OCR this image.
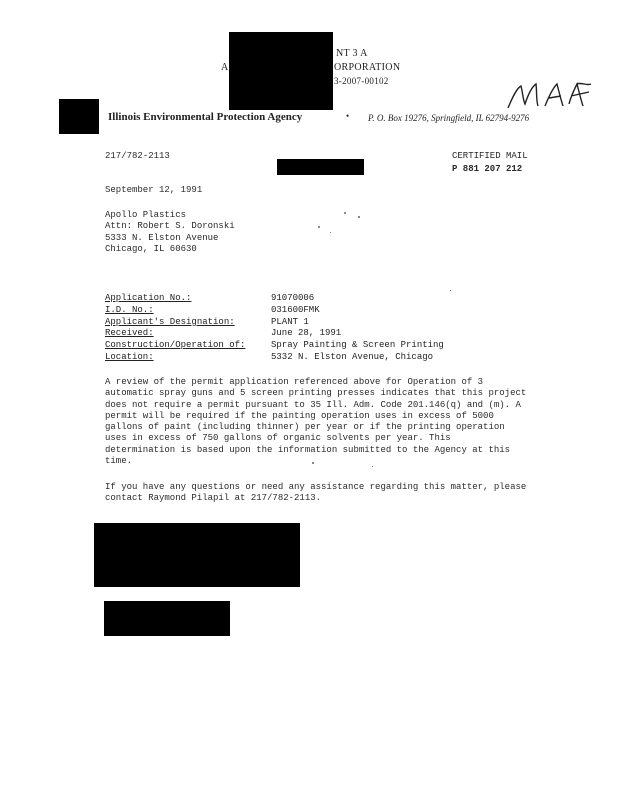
NT 3 A
A	ORPORATION
3-2007-00102
Illinois Environmental Protection Agency	• P. O. Box 19276, Springfield, IL 62794-9276
217/782-2113	CERTIFIED MAIL
P 881 207 212
September 12, 1991
Apollo Plastics
Attn: Robert S. Doronski
5333 N. Elston Avenue
Chicago, IL 60630
Application No.:	91070006
I.D. No.:	031600FMK
Applicant's Designation:	PLANT 1
Received:	June 28, 1991
Construction/Operation of:	Spray Painting & Screen Printing
Location:	5332 N. Elston Avenue, Chicago
A review of the permit application referenced above for Operation of 3
automatic spray guns and 5 screen printing presses indicates that this project
does not require a permit pursuant to 35 Ill. Adm. Code 201.146(q) and (m). A
permit will be required if the painting operation uses in excess of 5000
gallons of paint (including thinner) per year or if the printing operation
uses in excess of 750 gallons of organic solvents per year. This
determination is based upon the information submitted to the Agency at this
time.
If you have any questions or need any assistance regarding this matter, please
contact Raymond Pilapil at 217/782-2113.
